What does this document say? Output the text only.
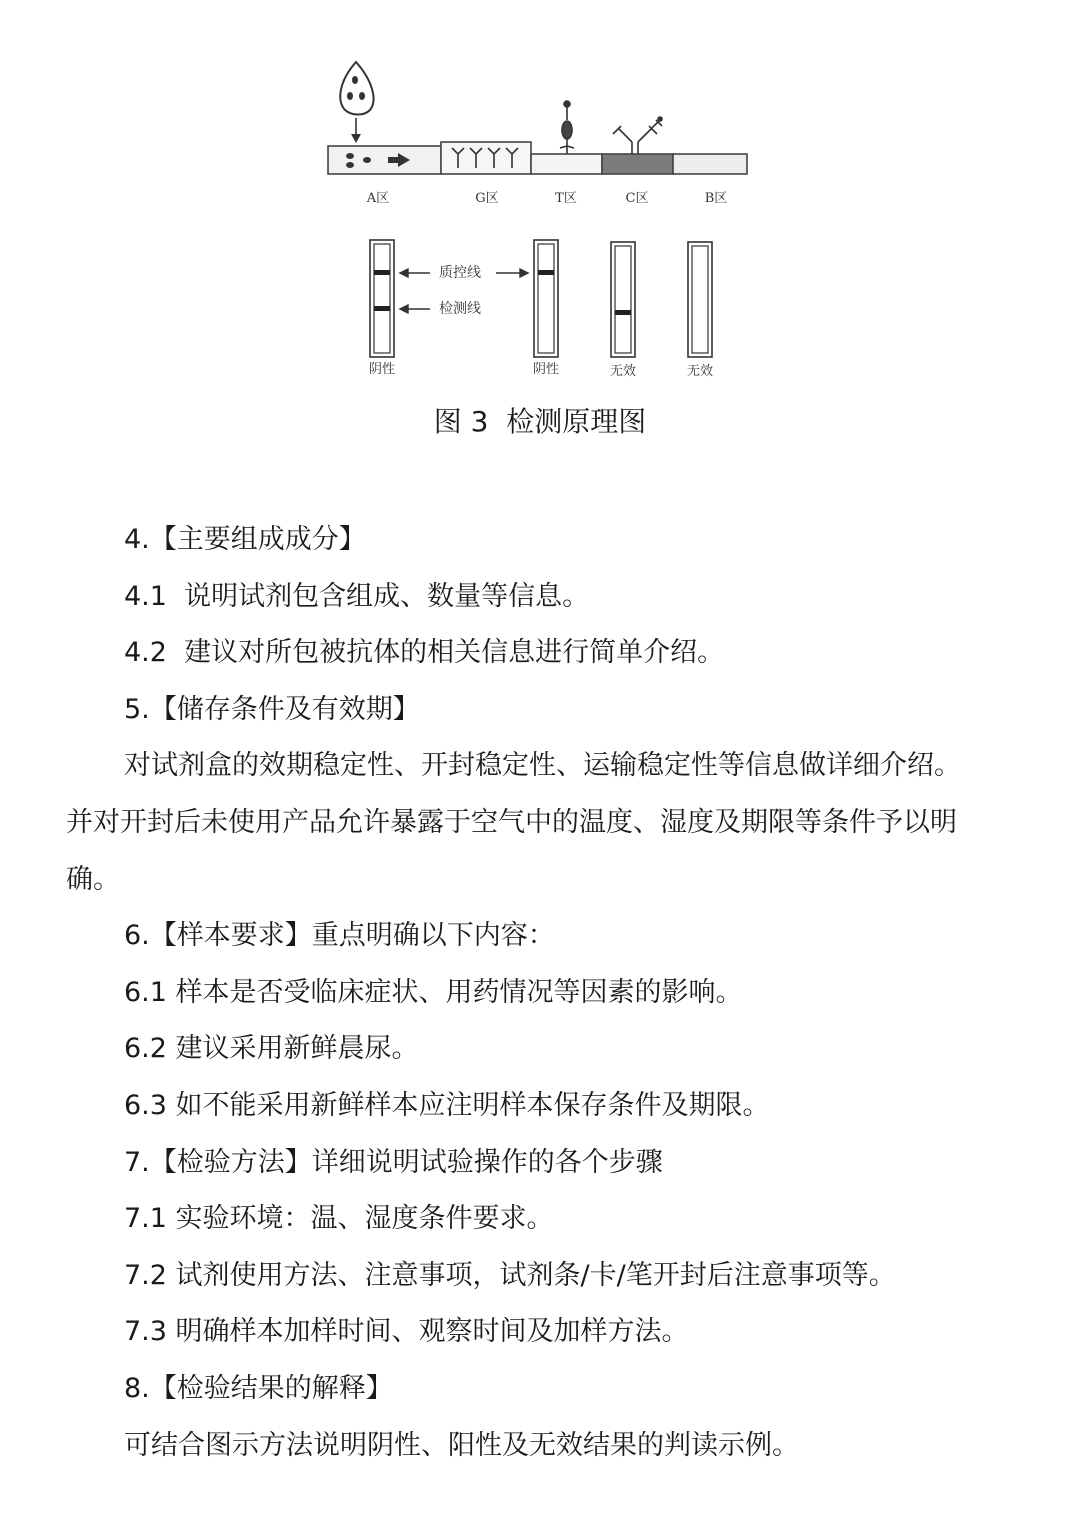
A区	G区	T区	C区	B区
质控线
检测线
阴性	阴性	无效	无效
图 3  检测原理图
4.【主要组成成分】
4.1  说明试剂包含组成、数量等信息。
4.2  建议对所包被抗体的相关信息进行简单介绍。
5.【储存条件及有效期】
对试剂盒的效期稳定性、开封稳定性、运输稳定性等信息做详细介绍。
并对开封后未使用产品允许暴露于空气中的温度、湿度及期限等条件予以明
确。
6.【样本要求】重点明确以下内容：
6.1 样本是否受临床症状、用药情况等因素的影响。
6.2 建议采用新鲜晨尿。
6.3 如不能采用新鲜样本应注明样本保存条件及期限。
7.【检验方法】详细说明试验操作的各个步骤
7.1 实验环境：温、湿度条件要求。
7.2 试剂使用方法、注意事项，试剂条/卡/笔开封后注意事项等。
7.3 明确样本加样时间、观察时间及加样方法。
8.【检验结果的解释】
可结合图示方法说明阴性、阳性及无效结果的判读示例。
